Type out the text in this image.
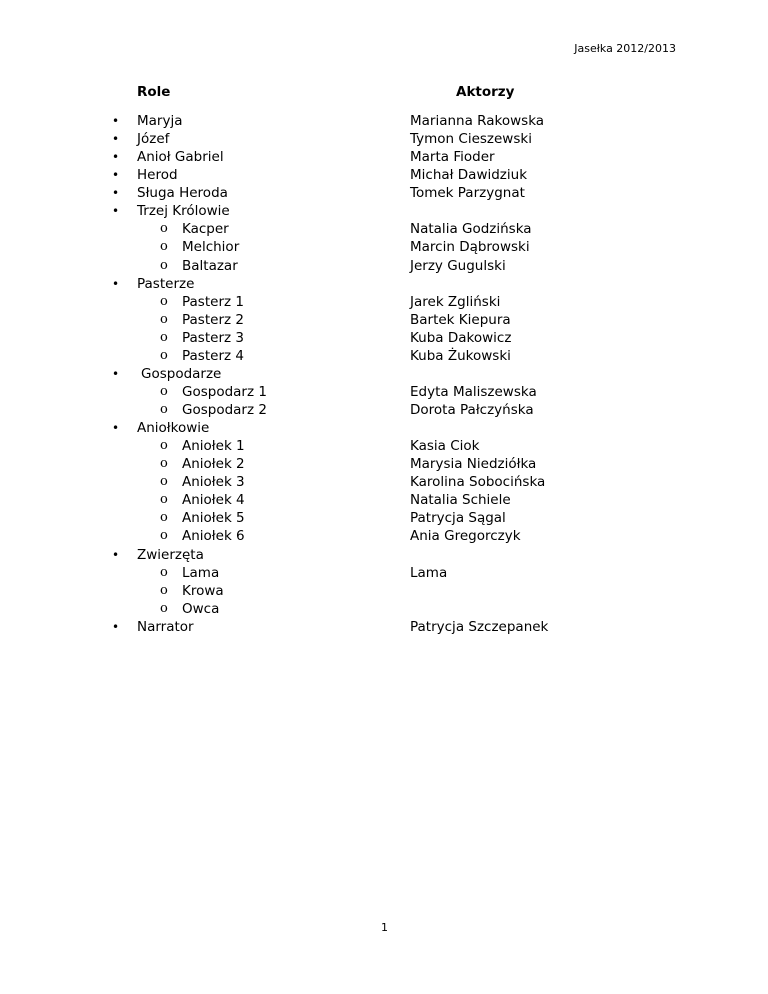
Jasełka 2012/2013
Role	Aktorzy
• Maryja	Marianna Rakowska
• Józef	Tymon Cieszewski
• Anioł Gabriel	Marta Fioder
• Herod	Michał Dawidziuk
• Sługa Heroda	Tomek Parzygnat
• Trzej Królowie
o Kacper	Natalia Godzińska
o Melchior	Marcin Dąbrowski
o Baltazar	Jerzy Gugulski
• Pasterze
o Pasterz 1	Jarek Zgliński
o Pasterz 2	Bartek Kiepura
o Pasterz 3	Kuba Dakowicz
o Pasterz 4	Kuba Żukowski
• Gospodarze
o Gospodarz 1	Edyta Maliszewska
o Gospodarz 2	Dorota Pałczyńska
• Aniołkowie
o Aniołek 1	Kasia Ciok
o Aniołek 2	Marysia Niedziółka
o Aniołek 3	Karolina Sobocińska
o Aniołek 4	Natalia Schiele
o Aniołek 5	Patrycja Sągal
o Aniołek 6	Ania Gregorczyk
• Zwierzęta
o Lama	Lama
o Krowa
o Owca
• Narrator	Patrycja Szczepanek
1
